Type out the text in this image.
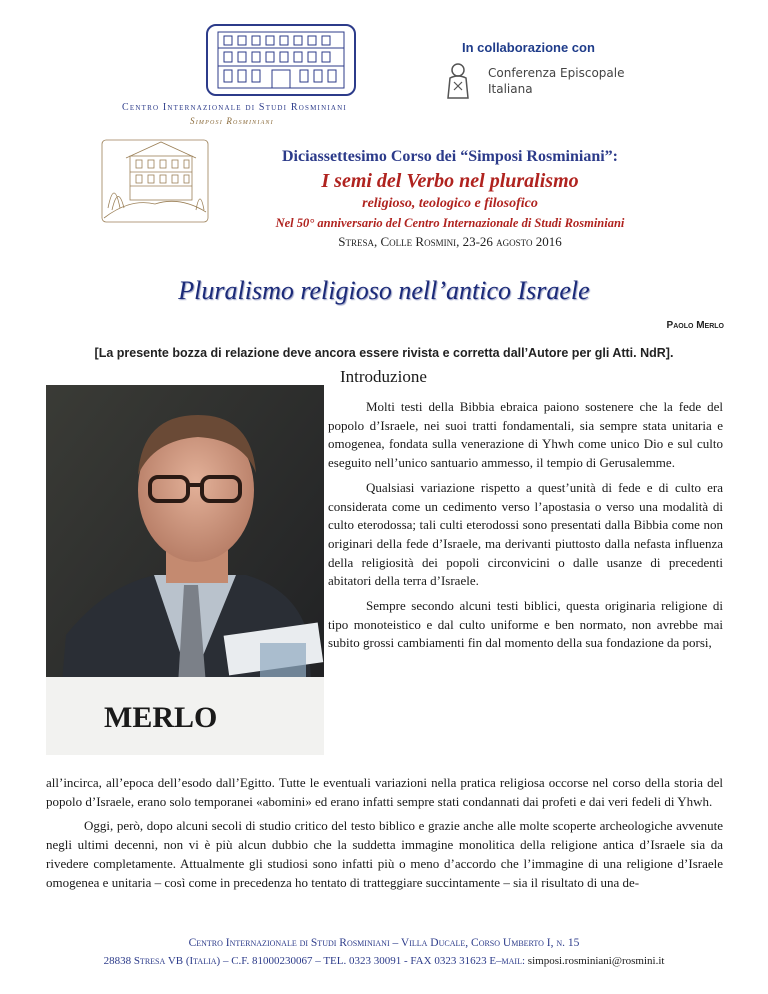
Centro Internazionale di Studi Rosminiani
Simposi Rosminiani
In collaborazione con
Conferenza Episcopale
Italiana
Diciassettesimo Corso dei “Simposi Rosminiani”:
I semi del Verbo nel pluralismo
religioso, teologico e filosofico
Nel 50° anniversario del Centro Internazionale di Studi Rosminiani
Stresa, Colle Rosmini, 23-26 agosto 2016
Pluralismo religioso nell’antico Israele
Paolo Merlo
[La presente bozza di relazione deve ancora essere rivista e corretta dall’Autore per gli Atti. NdR].
MERLO
Introduzione

Molti testi della Bibbia ebraica paiono sostenere che la fede del popolo d’Israele, nei suoi tratti fondamentali, sia sempre stata unitaria e omogenea, fondata sulla venerazione di Yhwh come unico Dio e sul culto eseguito nell’unico santuario ammesso, il tempio di Gerusalemme.

Qualsiasi variazione rispetto a quest’unità di fede e di culto era considerata come un cedimento verso l’apostasia o verso una modalità di culto eterodossa; tali culti eterodossi sono presentati dalla Bibbia come non originari della fede d’Israele, ma derivanti piuttosto dalla nefasta influenza della religiosità dei popoli circonvicini o dalle usanze di precedenti abitatori della terra d’Israele.

Sempre secondo alcuni testi biblici, questa originaria religione di tipo monoteistico e dal culto uniforme e ben normato, non avrebbe mai subito grossi cambiamenti fin dal momento della sua fondazione da porsi,

all’incirca, all’epoca dell’esodo dall’Egitto. Tutte le eventuali variazioni nella pratica religiosa occorse nel corso della storia del popolo d’Israele, erano solo temporanei «abomini» ed erano infatti sempre stati condannati dai profeti e dai veri fedeli di Yhwh.

Oggi, però, dopo alcuni secoli di studio critico del testo biblico e grazie anche alle molte scoperte archeologiche avvenute negli ultimi decenni, non vi è più alcun dubbio che la suddetta immagine monolitica della religione antica d’Israele sia da rivedere completamente. Attualmente gli studiosi sono infatti più o meno d’accordo che l’immagine di una religione d’Israele omogenea e unitaria – così come in precedenza ho tentato di tratteggiare succintamente – sia il risultato di una de-

Centro Internazionale di Studi Rosminiani – Villa Ducale, Corso Umberto I, n. 15
28838 Stresa VB (Italia) – C.F. 81000230067 – TEL. 0323 30091 - FAX 0323 31623 E–mail: simposi.rosminiani@rosmini.it
